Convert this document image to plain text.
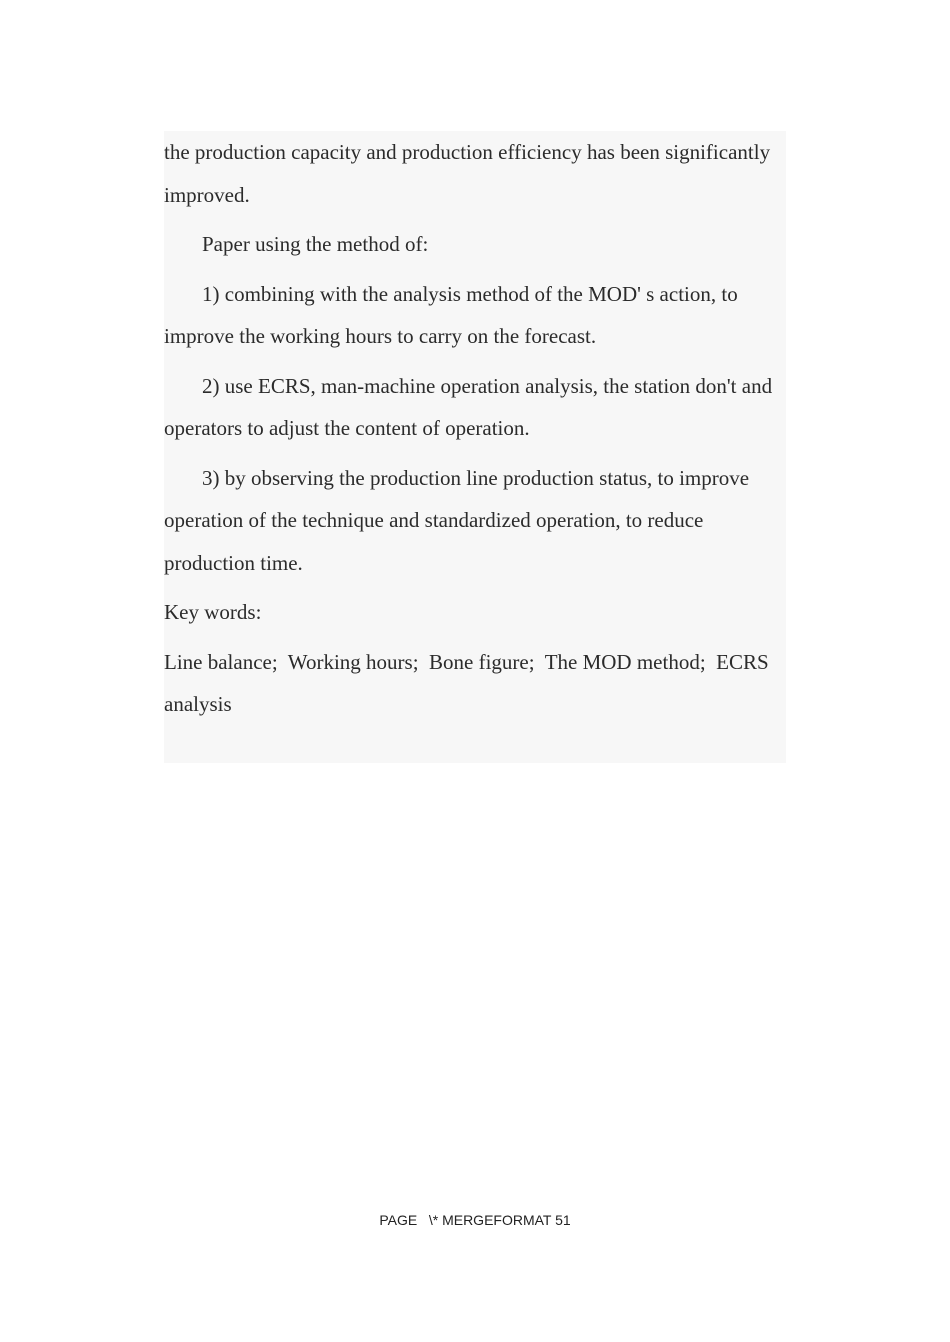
the production capacity and production efficiency has been significantly improved.

Paper using the method of:

1) combining with the analysis method of the MOD' s action, to improve the working hours to carry on the forecast.

2) use ECRS, man-machine operation analysis, the station don't and operators to adjust the content of operation.

3) by observing the production line production status, to improve operation of the technique and standardized operation, to reduce production time.

Key words:

Line balance;  Working hours;  Bone figure;  The MOD method;  ECRS analysis

PAGE   \* MERGEFORMAT 51
